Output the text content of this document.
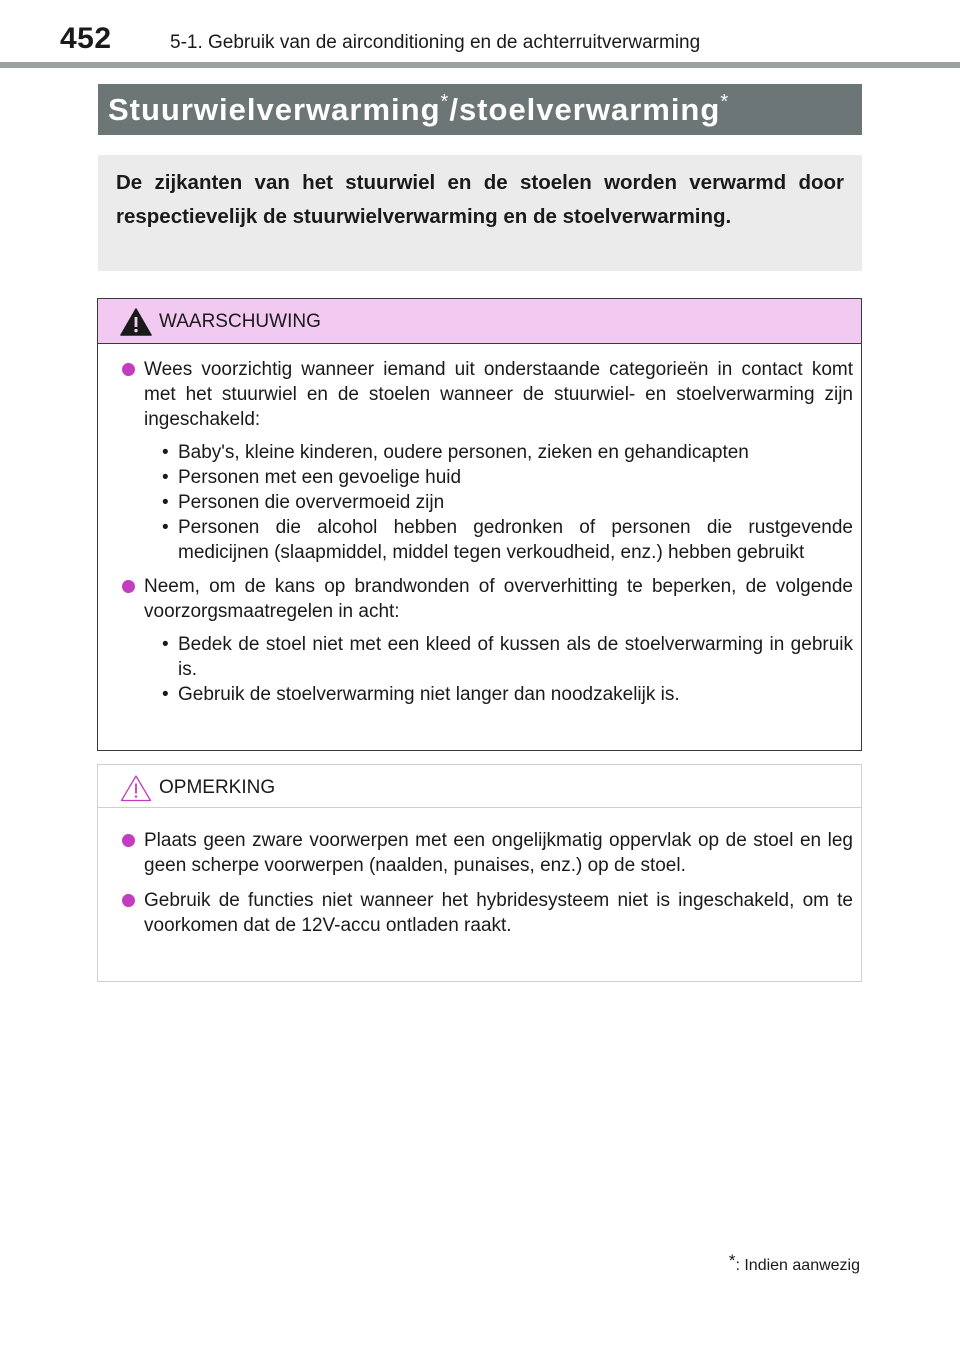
452	5-1. Gebruik van de airconditioning en de achterruitverwarming
Stuurwielverwarming*/stoelverwarming*
De zijkanten van het stuurwiel en de stoelen worden verwarmd door respectievelijk de stuurwielverwarming en de stoelverwarming.
WAARSCHUWING
Wees voorzichtig wanneer iemand uit onderstaande categorieën in contact komt met het stuurwiel en de stoelen wanneer de stuurwiel- en stoelverwarming zijn ingeschakeld:
• Baby's, kleine kinderen, oudere personen, zieken en gehandicapten
• Personen met een gevoelige huid
• Personen die oververmoeid zijn
• Personen die alcohol hebben gedronken of personen die rustgevende medicijnen (slaapmiddel, middel tegen verkoudheid, enz.) hebben gebruikt
Neem, om de kans op brandwonden of oververhitting te beperken, de volgende voorzorgsmaatregelen in acht:
• Bedek de stoel niet met een kleed of kussen als de stoelverwarming in gebruik is.
• Gebruik de stoelverwarming niet langer dan noodzakelijk is.
OPMERKING
Plaats geen zware voorwerpen met een ongelijkmatig oppervlak op de stoel en leg geen scherpe voorwerpen (naalden, punaises, enz.) op de stoel.
Gebruik de functies niet wanneer het hybridesysteem niet is ingeschakeld, om te voorkomen dat de 12V-accu ontladen raakt.
*: Indien aanwezig
